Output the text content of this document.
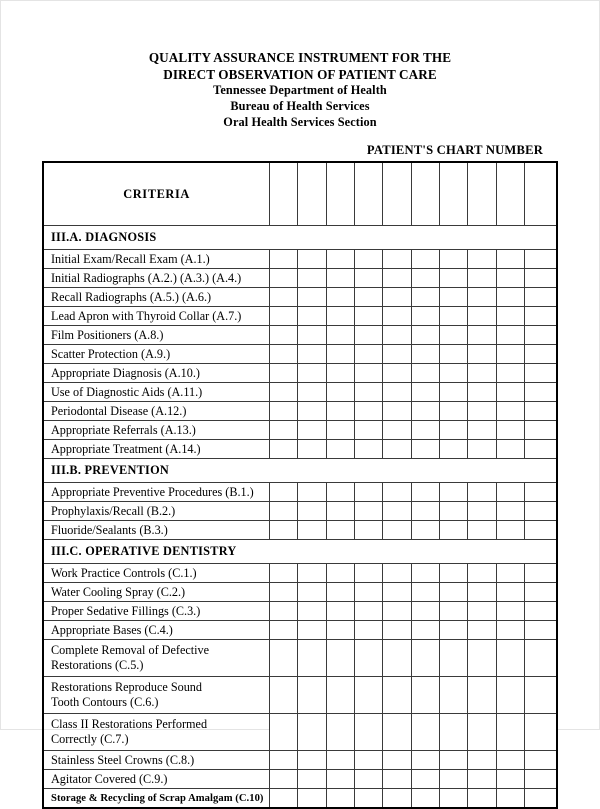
QUALITY ASSURANCE INSTRUMENT FOR THE
DIRECT OBSERVATION OF PATIENT CARE
Tennessee Department of Health
Bureau of Health Services
Oral Health Services Section
PATIENT'S CHART NUMBER
CRITERIA										
III.A. DIAGNOSIS										

Initial Exam/Recall Exam (A.1.)										

Initial Radiographs (A.2.) (A.3.) (A.4.)										

Recall Radiographs (A.5.) (A.6.)										

Lead Apron with Thyroid Collar (A.7.)										

Film Positioners (A.8.)										

Scatter Protection (A.9.)										

Appropriate Diagnosis (A.10.)										

Use of Diagnostic Aids (A.11.)										

Periodontal Disease (A.12.)										

Appropriate Referrals (A.13.)										

Appropriate Treatment (A.14.)										

III.B. PREVENTION										

Appropriate Preventive Procedures (B.1.)										

Prophylaxis/Recall (B.2.)										

Fluoride/Sealants (B.3.)										

III.C. OPERATIVE DENTISTRY										

Work Practice Controls (C.1.)										

Water Cooling Spray (C.2.)										

Proper Sedative Fillings (C.3.)										

Appropriate Bases (C.4.)										

Complete Removal of Defective
Restorations (C.5.)										

Restorations Reproduce Sound
Tooth Contours (C.6.)										

Class II Restorations Performed
Correctly (C.7.)										

Stainless Steel Crowns (C.8.)										

Agitator Covered (C.9.)										

Storage & Recycling of Scrap Amalgam (C.10)										
